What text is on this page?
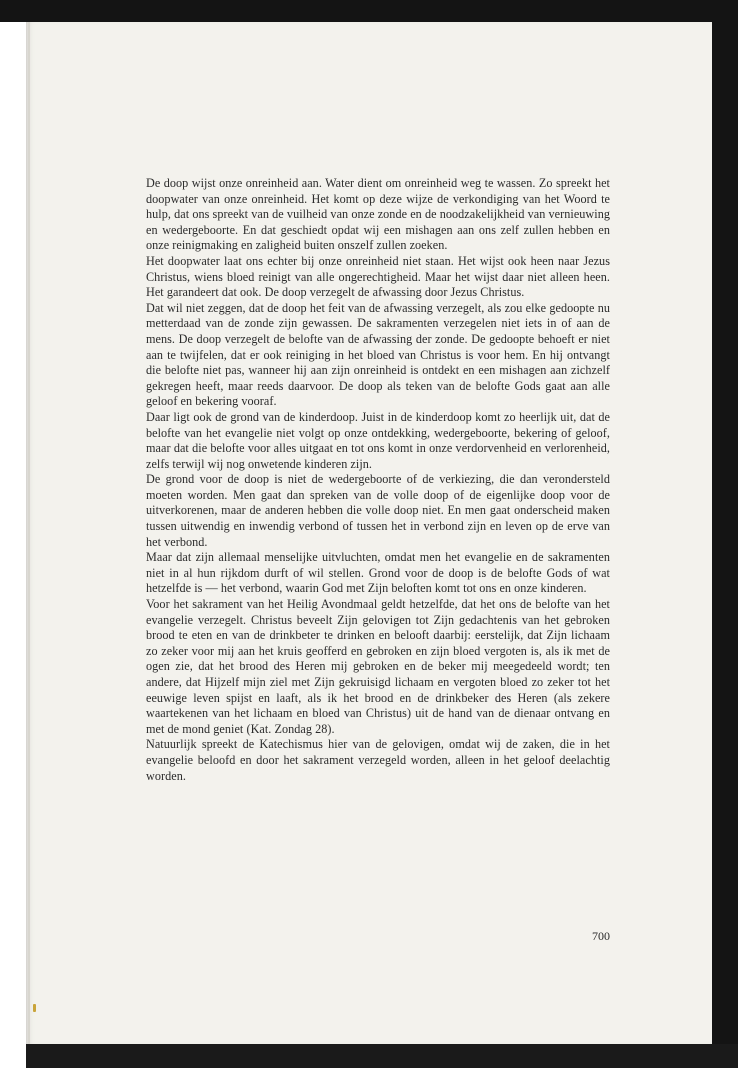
De doop wijst onze onreinheid aan. Water dient om onreinheid weg te wassen. Zo spreekt het doopwater van onze onreinheid. Het komt op deze wijze de verkondiging van het Woord te hulp, dat ons spreekt van de vuilheid van onze zonde en de noodzakelijkheid van vernieuwing en wedergeboorte. En dat geschiedt opdat wij een mishagen aan ons zelf zullen hebben en onze reinigmaking en zaligheid buiten onszelf zullen zoeken.

Het doopwater laat ons echter bij onze onreinheid niet staan. Het wijst ook heen naar Jezus Christus, wiens bloed reinigt van alle ongerechtigheid. Maar het wijst daar niet alleen heen. Het garandeert dat ook. De doop verzegelt de afwassing door Jezus Christus.

Dat wil niet zeggen, dat de doop het feit van de afwassing verzegelt, als zou elke gedoopte nu metterdaad van de zonde zijn gewassen. De sakramenten verzegelen niet iets in of aan de mens. De doop verzegelt de belofte van de afwassing der zonde. De gedoopte behoeft er niet aan te twijfelen, dat er ook reiniging in het bloed van Christus is voor hem. En hij ontvangt die belofte niet pas, wanneer hij aan zijn onreinheid is ontdekt en een mishagen aan zichzelf gekregen heeft, maar reeds daarvoor. De doop als teken van de belofte Gods gaat aan alle geloof en bekering vooraf.

Daar ligt ook de grond van de kinderdoop. Juist in de kinderdoop komt zo heerlijk uit, dat de belofte van het evangelie niet volgt op onze ontdekking, wedergeboorte, bekering of geloof, maar dat die belofte voor alles uitgaat en tot ons komt in onze verdorvenheid en verlorenheid, zelfs terwijl wij nog onwetende kinderen zijn.

De grond voor de doop is niet de wedergeboorte of de verkiezing, die dan verondersteld moeten worden. Men gaat dan spreken van de volle doop of de eigenlijke doop voor de uitverkorenen, maar de anderen hebben die volle doop niet. En men gaat onderscheid maken tussen uitwendig en inwendig verbond of tussen het in verbond zijn en leven op de erve van het verbond.

Maar dat zijn allemaal menselijke uitvluchten, omdat men het evangelie en de sakramenten niet in al hun rijkdom durft of wil stellen. Grond voor de doop is de belofte Gods of wat hetzelfde is — het verbond, waarin God met Zijn beloften komt tot ons en onze kinderen.

Voor het sakrament van het Heilig Avondmaal geldt hetzelfde, dat het ons de belofte van het evangelie verzegelt. Christus beveelt Zijn gelovigen tot Zijn gedachtenis van het gebroken brood te eten en van de drinkbeter te drinken en belooft daarbij: eerstelijk, dat Zijn lichaam zo zeker voor mij aan het kruis geofferd en gebroken en zijn bloed vergoten is, als ik met de ogen zie, dat het brood des Heren mij gebroken en de beker mij meegedeeld wordt; ten andere, dat Hijzelf mijn ziel met Zijn gekruisigd lichaam en vergoten bloed zo zeker tot het eeuwige leven spijst en laaft, als ik het brood en de drinkbeker des Heren (als zekere waartekenen van het lichaam en bloed van Christus) uit de hand van de dienaar ontvang en met de mond geniet (Kat. Zondag 28).

Natuurlijk spreekt de Katechismus hier van de gelovigen, omdat wij de zaken, die in het evangelie beloofd en door het sakrament verzegeld worden, alleen in het geloof deelachtig worden.

700
